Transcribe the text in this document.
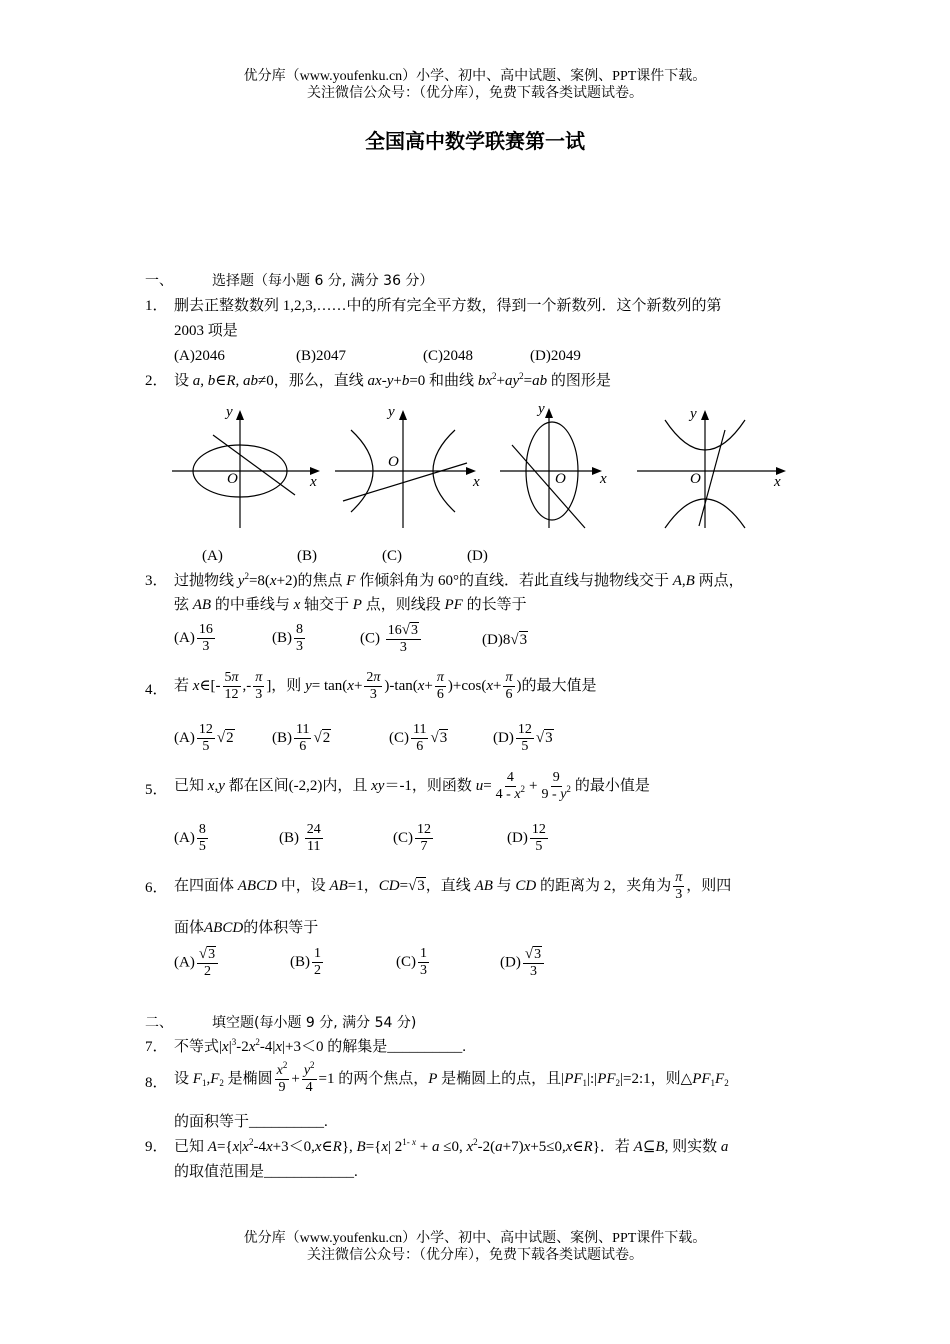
优分库（www.youfenku.cn）小学、初中、高中试题、案例、PPT课件下载。
关注微信公众号：（优分库），免费下载各类试题试卷。
全国高中数学联赛第一试
一、	选择题（每小题 6 分, 满分 36 分）
1． 删去正整数数列 1,2,3,……中的所有完全平方数，得到一个新数列．这个新数列的第
2003 项是
(A)2046	(B)2047	(C)2048	(D)2049
2． 设 a, b∈R, ab≠0，那么，直线 ax-y+b=0 和曲线 $bx^2+ay^2=ab$ 的图形是
y
O	x
y
O
x
y
O x
y
O	x
(A)	(B)	(C)	(D)
3． 过抛物线 $y^2=8(x+2)$的焦点 F 作倾斜角为 60°的直线．若此直线与抛物线交于 A,B 两点，
弦 AB 的中垂线与 x 轴交于 P 点，则线段 PF 的长等于
$(A) \frac{16}{3}$	$(B) \frac{8}{3}$	$(C) \frac{16√3}{3}$	(D)8√3
4． 若 x∈[- $\frac{5\pi}{12}$ ,- $\frac{\pi}{3}$ ]，则 $y= \tan(x+ \frac{2\pi}{3} )-\tan(x+ \frac{\pi}{6} )+\cos(x+ \frac{\pi}{6}$ )的最大值是
$(A) \frac{12}{5} √2$	$(B) \frac{11}{6} √2$	$(C) \frac{11}{6} √3$	$(D) \frac{12}{5} √3$
5． 已知 x,y 都在区间(-2,2)内，且 xy＝-1，则函数 $u= \frac{4}{4 - x^2} + \frac{9}{9 - y^2}$ 的最小值是
$(A) \frac{8}{5}$	$(B) \frac{24}{11}$	$(C) \frac{12}{7}$	$(D) \frac{12}{5}$
6． 在四面体 ABCD 中，设 AB=1，CD=√3，直线 AB 与 CD 的距离为 2，夹角为 $\frac{\pi}{3}$ ，则四
面体ABCD的体积等于
$(A) \frac{√3}{2}$	$(B) \frac{1}{2}$	$(C) \frac{1}{3}$	$(D) \frac{√3}{3}$
二、	填空题(每小题 9 分, 满分 54 分)
7． 不等式$|x|^3-2x^2-4|x|+3<0$ 的解集是__________.
8． 设 $F_1,F_2$ 是椭圆 $\frac{x^2}{9} + \frac{y^2}{4} =1$ 的两个焦点，P 是椭圆上的点，且$|PF_1|:|PF_2|=2:1$，则$\triangle PF_1F_2$
的面积等于__________.
9． 已知 $A=\{x|x^2-4x+3<0,x\in R\}$, B={x| $2^{1- x} + a \le 0$, $x^2-2(a+7)x+5\le 0,x\in R$}．若 A⊆B, 则实数 a
的取值范围是____________.
优分库（www.youfenku.cn）小学、初中、高中试题、案例、PPT课件下载。
关注微信公众号：（优分库），免费下载各类试题试卷。
